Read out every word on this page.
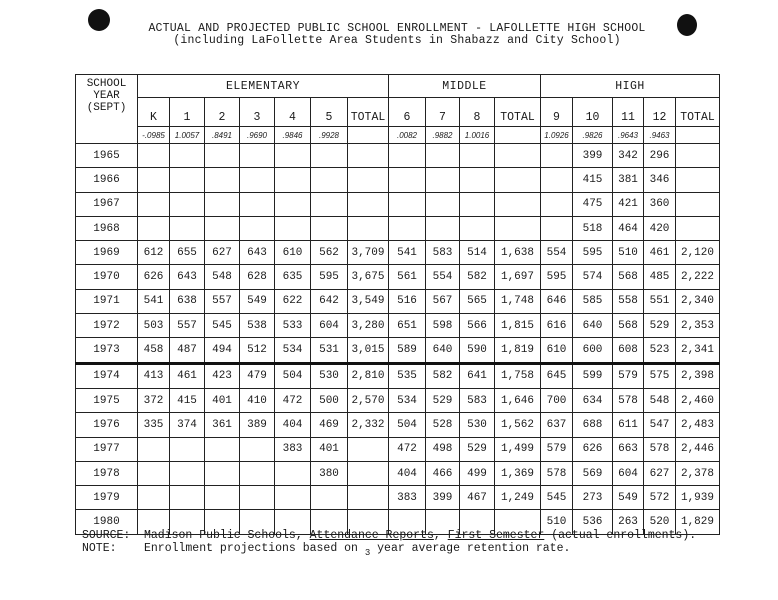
ACTUAL AND PROJECTED PUBLIC SCHOOL ENROLLMENT - LAFOLLETTE HIGH SCHOOL
(including LaFollette Area Students in Shabazz and City School)
SCHOOL
YEAR
(SEPT)	ELEMENTARY							MIDDLE				HIGH				
	K	1	2	3	4	5	TOTAL	6	7	8	TOTAL	9	10	11	12	TOTAL
	-.0985	1.0057	.8491	.9690	.9846	.9928		.0082	.9882	1.0016		1.0926	.9826	.9643	.9463	
1965													399	342	296	
1966													415	381	346	
1967													475	421	360	
1968													518	464	420	
1969	612	655	627	643	610	562	3,709	541	583	514	1,638	554	595	510	461	2,120
1970	626	643	548	628	635	595	3,675	561	554	582	1,697	595	574	568	485	2,222
1971	541	638	557	549	622	642	3,549	516	567	565	1,748	646	585	558	551	2,340
1972	503	557	545	538	533	604	3,280	651	598	566	1,815	616	640	568	529	2,353
1973	458	487	494	512	534	531	3,015	589	640	590	1,819	610	600	608	523	2,341
1974	413	461	423	479	504	530	2,810	535	582	641	1,758	645	599	579	575	2,398
1975	372	415	401	410	472	500	2,570	534	529	583	1,646	700	634	578	548	2,460
1976	335	374	361	389	404	469	2,332	504	528	530	1,562	637	688	611	547	2,483
1977					383	401		472	498	529	1,499	579	626	663	578	2,446
1978						380		404	466	499	1,369	578	569	604	627	2,378
1979								383	399	467	1,249	545	273	549	572	1,939
1980												510	536	263	520	1,829
SOURCE: Madison Public Schools, Attendance Reports, First Semester (actual enrollments).
NOTE: Enrollment projections based on $_3$ year average retention rate.
